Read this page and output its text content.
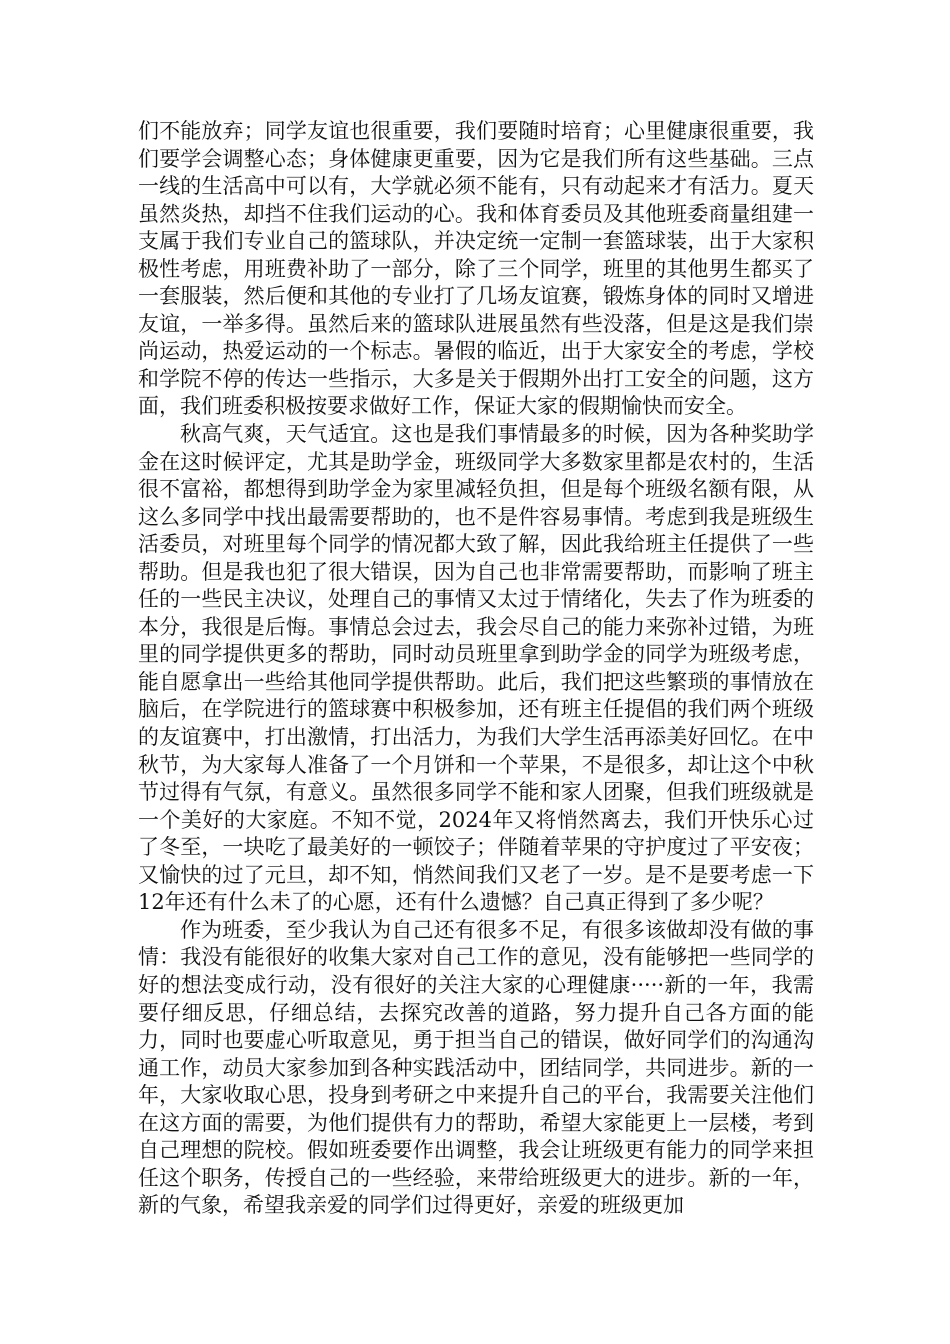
们不能放弃；同学友谊也很重要，我们要随时培育；心里健康很重要，我们要学会调整心态；身体健康更重要，因为它是我们所有这些基础。三点一线的生活高中可以有，大学就必须不能有，只有动起来才有活力。夏天虽然炎热，却挡不住我们运动的心。我和体育委员及其他班委商量组建一支属于我们专业自己的篮球队，并决定统一定制一套篮球装，出于大家积极性考虑，用班费补助了一部分，除了三个同学，班里的其他男生都买了一套服装，然后便和其他的专业打了几场友谊赛，锻炼身体的同时又增进友谊，一举多得。虽然后来的篮球队进展虽然有些没落，但是这是我们崇尚运动，热爱运动的一个标志。暑假的临近，出于大家安全的考虑，学校和学院不停的传达一些指示，大多是关于假期外出打工安全的问题，这方面，我们班委积极按要求做好工作，保证大家的假期愉快而安全。

秋高气爽，天气适宜。这也是我们事情最多的时候，因为各种奖助学金在这时候评定，尤其是助学金，班级同学大多数家里都是农村的，生活很不富裕，都想得到助学金为家里减轻负担，但是每个班级名额有限，从这么多同学中找出最需要帮助的，也不是件容易事情。考虑到我是班级生活委员，对班里每个同学的情况都大致了解，因此我给班主任提供了一些帮助。但是我也犯了很大错误，因为自己也非常需要帮助，而影响了班主任的一些民主决议，处理自己的事情又太过于情绪化，失去了作为班委的本分，我很是后悔。事情总会过去，我会尽自己的能力来弥补过错，为班里的同学提供更多的帮助，同时动员班里拿到助学金的同学为班级考虑，能自愿拿出一些给其他同学提供帮助。此后，我们把这些繁琐的事情放在脑后，在学院进行的篮球赛中积极参加，还有班主任提倡的我们两个班级的友谊赛中，打出激情，打出活力，为我们大学生活再添美好回忆。在中秋节，为大家每人准备了一个月饼和一个苹果，不是很多，却让这个中秋节过得有气氛，有意义。虽然很多同学不能和家人团聚，但我们班级就是一个美好的大家庭。不知不觉，2024年又将悄然离去，我们开快乐心过了冬至，一块吃了最美好的一顿饺子；伴随着苹果的守护度过了平安夜；又愉快的过了元旦，却不知，悄然间我们又老了一岁。是不是要考虑一下12年还有什么未了的心愿，还有什么遗憾？自己真正得到了多少呢？

作为班委，至少我认为自己还有很多不足，有很多该做却没有做的事情：我没有能很好的收集大家对自己工作的意见，没有能够把一些同学的好的想法变成行动，没有很好的关注大家的心理健康·····新的一年，我需要仔细反思，仔细总结，去探究改善的道路，努力提升自己各方面的能力，同时也要虚心听取意见，勇于担当自己的错误，做好同学们的沟通沟通工作，动员大家参加到各种实践活动中，团结同学，共同进步。新的一年，大家收取心思，投身到考研之中来提升自己的平台，我需要关注他们在这方面的需要，为他们提供有力的帮助，希望大家能更上一层楼，考到自己理想的院校。假如班委要作出调整，我会让班级更有能力的同学来担任这个职务，传授自己的一些经验，来带给班级更大的进步。新的一年，新的气象，希望我亲爱的同学们过得更好，亲爱的班级更加
